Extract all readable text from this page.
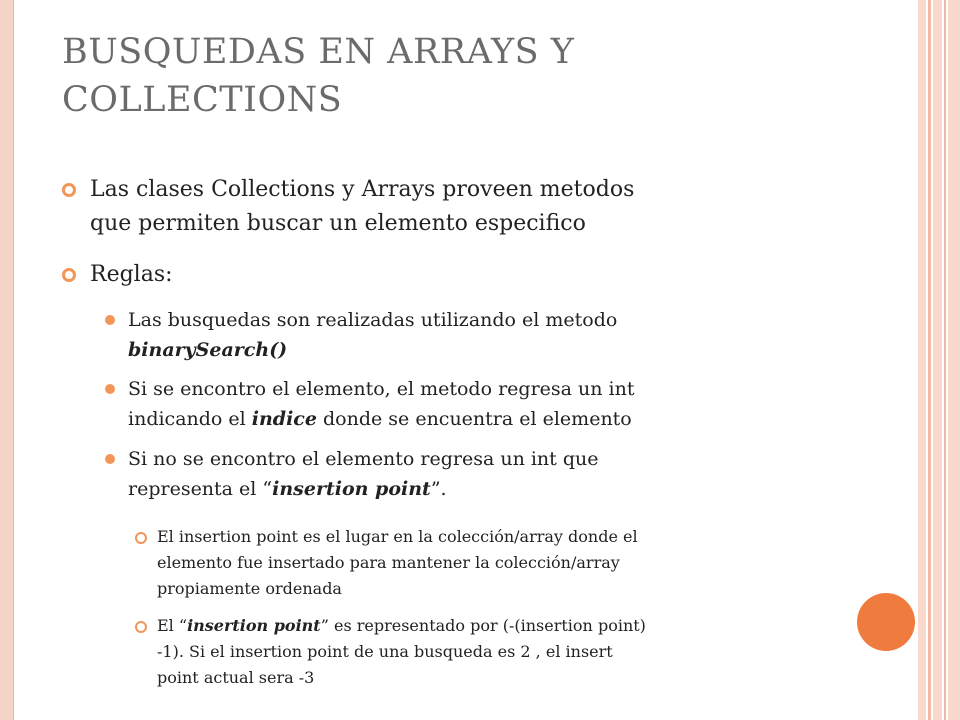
BUSQUEDAS EN ARRAYS Y
COLLECTIONS
Las clases Collections y Arrays proveen metodos
que permiten buscar un elemento especifico
Reglas:
Las busquedas son realizadas utilizando el metodo
binarySearch()
Si se encontro el elemento, el metodo regresa un int
indicando el indice donde se encuentra el elemento
Si no se encontro el elemento regresa un int que
representa el “insertion point”.
El insertion point es el lugar en la colección/array donde el
elemento fue insertado para mantener la colección/array
propiamente ordenada
El “insertion point” es representado por (-(insertion point)
-1). Si el insertion point de una busqueda es 2 , el insert
point actual sera -3
